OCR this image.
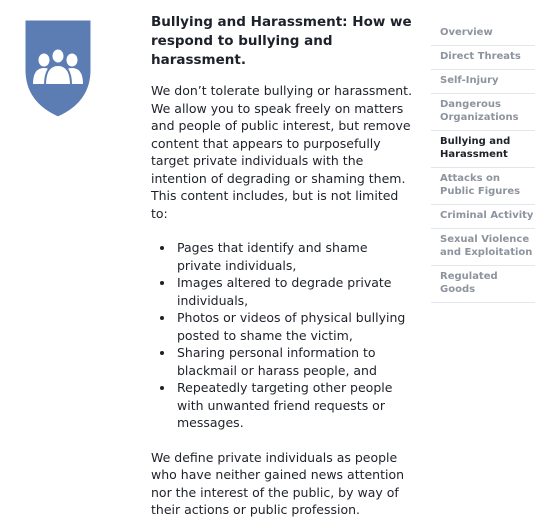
Bullying and Harassment: How we respond to bullying and harassment.

We don’t tolerate bullying or harassment. We allow you to speak freely on matters and people of public interest, but remove content that appears to purposefully target private individuals with the intention of degrading or shaming them. This content includes, but is not limited to:

• Pages that identify and shame private individuals,
• Images altered to degrade private individuals,
• Photos or videos of physical bullying posted to shame the victim,
• Sharing personal information to blackmail or harass people, and
• Repeatedly targeting other people with unwanted friend requests or messages.

We define private individuals as people who have neither gained news attention nor the interest of the public, by way of their actions or public profession.

Overview
Direct Threats
Self-Injury
Dangerous Organizations
Bullying and Harassment
Attacks on Public Figures
Criminal Activity
Sexual Violence and Exploitation
Regulated Goods
